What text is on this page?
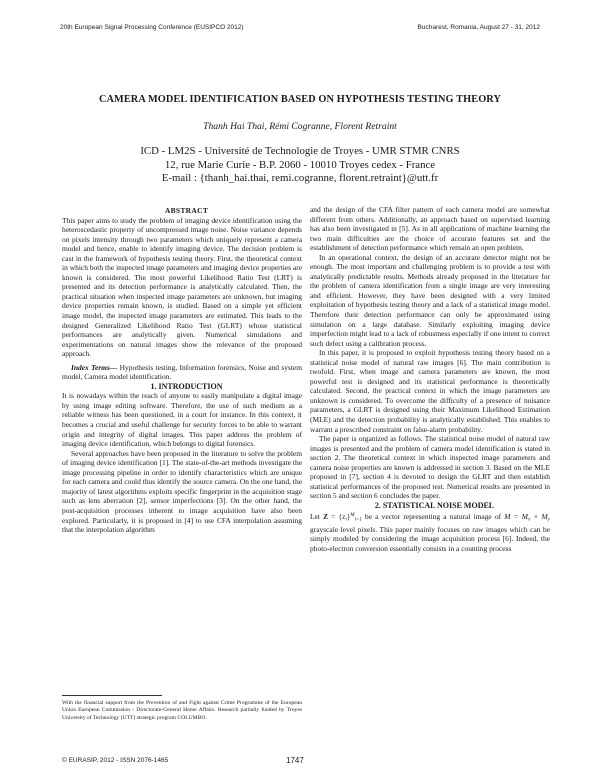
20th European Signal Processing Conference (EUSIPCO 2012)	Bucharest, Romania, August 27 - 31, 2012
CAMERA MODEL IDENTIFICATION BASED ON HYPOTHESIS TESTING THEORY
Thanh Hai Thai, Rémi Cogranne, Florent Retraint
ICD - LM2S - Université de Technologie de Troyes - UMR STMR CNRS
12, rue Marie Curie - B.P. 2060 - 10010 Troyes cedex - France
E-mail : {thanh_hai.thai, remi.cogranne, florent.retraint}@utt.fr

ABSTRACT

This paper aims to study the problem of imaging device identification using the heteroscedastic property of uncompressed image noise. Noise variance depends on pixels intensity through two parameters which uniquely represent a camera model and hence, enable to identify imaging device. The decision problem is cast in the framework of hypothesis testing theory. First, the theoretical context in which both the inspected image parameters and imaging device properties are known is considered. The most powerful Likelihood Ratio Test (LRT) is presented and its detection performance is analytically calculated. Then, the practical situation when inspected image parameters are unknown, but imaging device properties remain known, is studied. Based on a simple yet efficient image model, the inspected image parameters are estimated. This leads to the designed Generalized Likelihood Ratio Test (GLRT) whose statistical performances are analytically given. Numerical simulations and experimentations on natural images show the relevance of the proposed approach.

Index Terms— Hypothesis testing, Information forensics, Noise and system model, Camera model identification.

1. INTRODUCTION

It is nowadays within the reach of anyone to easily manipulate a digital image by using image editing software. Therefore, the use of such medium as a reliable witness has been questioned, in a court for instance. In this context, it becomes a crucial and useful challenge for security forces to be able to warrant origin and integrity of digital images. This paper address the problem of imaging device identification, which belongs to digital forensics.

Several approaches have been proposed in the literature to solve the problem of imaging device identification [1]. The state-of-the-art methods investigate the image processing pipeline in order to identify characteristics which are unique for each camera and could thus identify the source camera. On the one hand, the majority of latest algorithms exploits specific fingerprint in the acquisition stage such as lens aberration [2], sensor imperfections [3]. On the other hand, the post-acquisition processes inherent to image acquisition have also been explored. Particularly, it is proposed in [4] to use CFA interpolation assuming that the interpolation algorithm

and the design of the CFA filter pattern of each camera model are somewhat different from others. Additionally, an approach based on supervised learning has also been investigated in [5]. As in all applications of machine learning the two main difficulties are the choice of accurate features set and the establishment of detection performance which remain an open problem.

In an operational context, the design of an accurate detector might not be enough. The most important and challenging problem is to provide a test with analytically predictable results. Methods already proposed in the literature for the problem of camera identification from a single image are very interesting and efficient. However, they have been designed with a very limited exploitation of hypothesis testing theory and a lack of a statistical image model. Therefore their detection performance can only be approximated using simulation on a large database. Similarly exploiting imaging device imperfection might lead to a lack of robustness especially if one intent to correct such defect using a calibration process.

In this paper, it is proposed to exploit hypothesis testing theory based on a statistical noise model of natural raw images [6]. The main contribution is twofold. First, when image and camera parameters are known, the most powerful test is designed and its statistical performance is theoretically calculated. Second, the practical context in which the image parameters are unknown is considered. To overcome the difficulty of a presence of nuisance parameters, a GLRT is designed using their Maximum Likelihood Estimation (MLE) and the detection probability is analytically established. This enables to warrant a prescribed constraint on false-alarm probability.

The paper is organized as follows. The statistical noise model of natural raw images is presented and the problem of camera model identification is stated in section 2. The theoretical context in which inspected image parameters and camera noise properties are known is addressed in section 3. Based on the MLE proposed in [7], section 4 is devoted to design the GLRT and then establish statistical performances of the proposed test. Numerical results are presented in section 5 and section 6 concludes the paper.

2. STATISTICAL NOISE MODEL

Let $Z = \{z_i\}^M_{i=1}$ be a vector representing a natural image of $M = M_x \times M_y$ grayscale level pixels. This paper mainly focuses on raw images which can be simply modeled by considering the image acquisition process [6]. Indeed, the photo-electron conversion essentially consists in a counting process

With the financial support from the Prevention of and Fight against Crime Programme of the European Union European Commission - Directorate-General Home Affairs. Research partially funded by Troyes University of Technology (UTT) strategic program COLUMBO.
© EURASIP, 2012 - ISSN 2076-1465	1747
